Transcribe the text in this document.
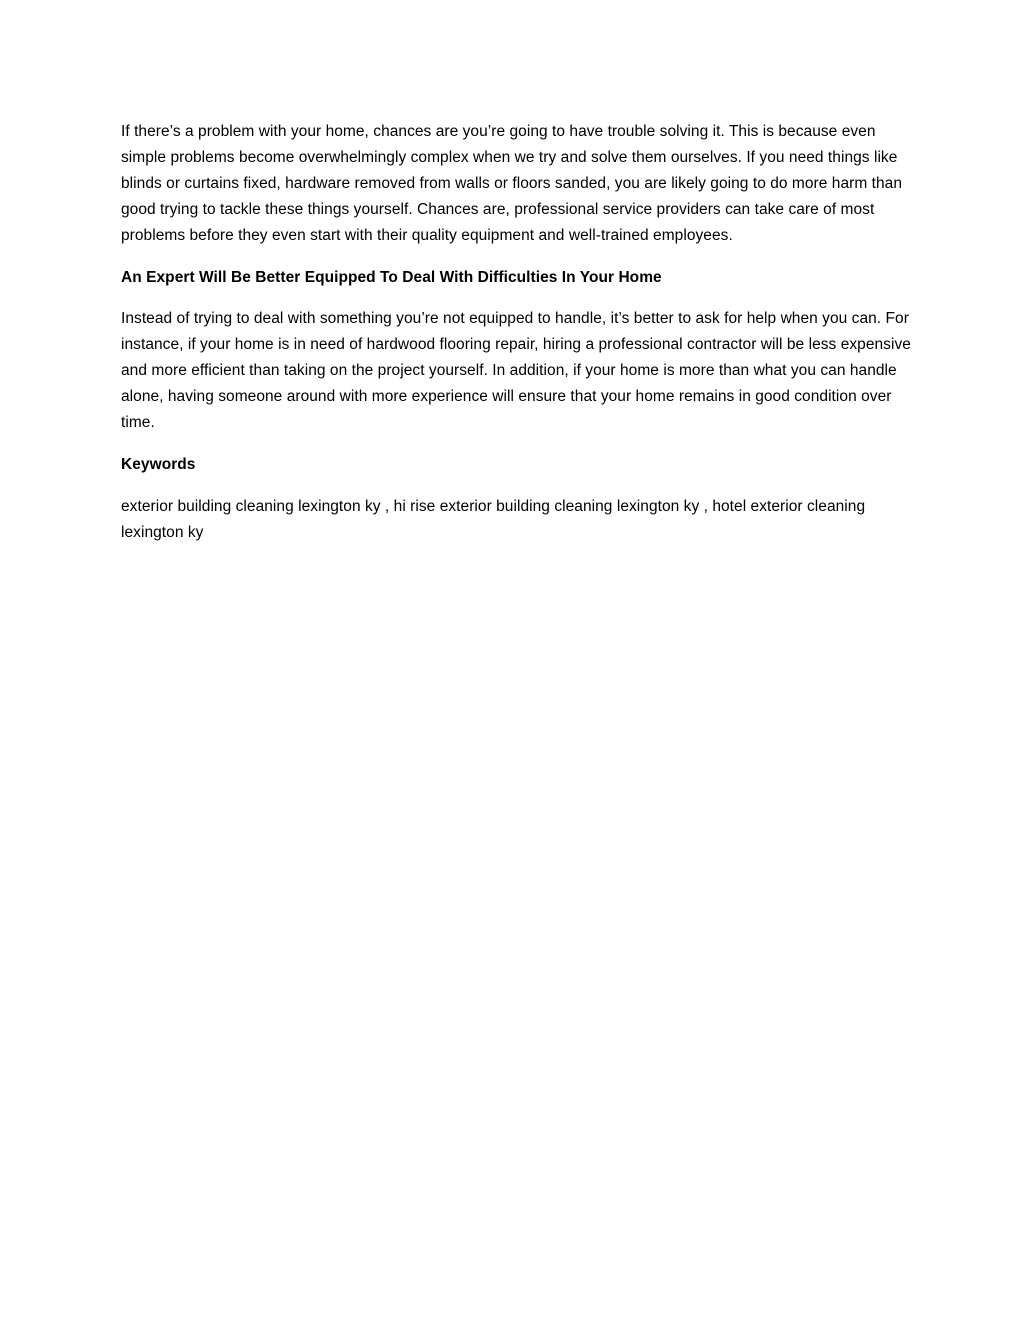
If there’s a problem with your home, chances are you’re going to have trouble solving it. This is because even simple problems become overwhelmingly complex when we try and solve them ourselves. If you need things like blinds or curtains fixed, hardware removed from walls or floors sanded, you are likely going to do more harm than good trying to tackle these things yourself. Chances are, professional service providers can take care of most problems before they even start with their quality equipment and well-trained employees.

An Expert Will Be Better Equipped To Deal With Difficulties In Your Home

Instead of trying to deal with something you’re not equipped to handle, it’s better to ask for help when you can. For instance, if your home is in need of hardwood flooring repair, hiring a professional contractor will be less expensive and more efficient than taking on the project yourself. In addition, if your home is more than what you can handle alone, having someone around with more experience will ensure that your home remains in good condition over time.

Keywords

exterior building cleaning lexington ky , hi rise exterior building cleaning lexington ky , hotel exterior cleaning lexington ky
